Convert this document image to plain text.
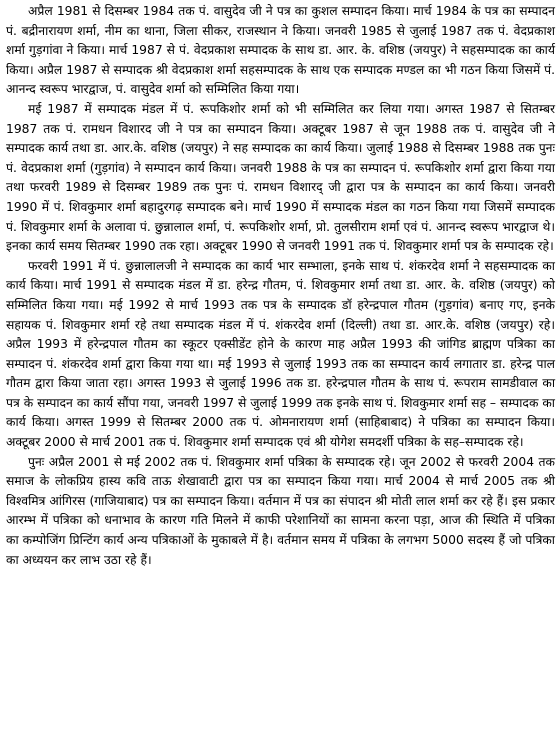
अप्रैल 1981 से दिसम्बर 1984 तक पं. वासुदेव जी ने पत्र का कुशल सम्पादन किया। मार्च 1984 के पत्र का सम्पादन पं. बद्रीनारायण शर्मा, नीम का थाना, जिला सीकर, राजस्थान ने किया। जनवरी 1985 से जुलाई 1987 तक पं. वेदप्रकाश शर्मा गुड़गांवा ने किया। मार्च 1987 से पं. वेदप्रकाश सम्पादक के साथ डा. आर. के. वशिष्ठ (जयपुर) ने सहसम्पादक का कार्य किया। अप्रैल 1987 से सम्पादक श्री वेदप्रकाश शर्मा सहसम्पादक के साथ एक सम्पादक मण्डल का भी गठन किया जिसमें पं. आनन्द स्वरूप भारद्वाज, पं. वासुदेव शर्मा को सम्मिलित किया गया।

मई 1987 में सम्पादक मंडल में पं. रूपकिशोर शर्मा को भी सम्मिलित कर लिया गया। अगस्त 1987 से सितम्बर 1987 तक पं. रामधन विशारद जी ने पत्र का सम्पादन किया। अक्टूबर 1987 से जून 1988 तक पं. वासुदेव जी ने सम्पादक कार्य तथा डा. आर.के. वशिष्ठ (जयपुर) ने सह सम्पादक का कार्य किया। जुलाई 1988 से दिसम्बर 1988 तक पुनः पं. वेदप्रकाश शर्मा (गुड़गांव) ने सम्पादन कार्य किया। जनवरी 1988 के पत्र का सम्पादन पं. रूपकिशोर शर्मा द्वारा किया गया तथा फरवरी 1989 से दिसम्बर 1989 तक पुनः पं. रामधन विशारद् जी द्वारा पत्र के सम्पादन का कार्य किया। जनवरी 1990 में पं. शिवकुमार शर्मा बहादुरगढ़ सम्पादक बने। मार्च 1990 में सम्पादक मंडल का गठन किया गया जिसमें सम्पादक पं. शिवकुमार शर्मा के अलावा पं. छुन्नालाल शर्मा, पं. रूपकिशोर शर्मा, प्रो. तुलसीराम शर्मा एवं पं. आनन्द स्वरूप भारद्वाज थे। इनका कार्य समय सितम्बर 1990 तक रहा। अक्टूबर 1990 से जनवरी 1991 तक पं. शिवकुमार शर्मा पत्र के सम्पादक रहे।

फरवरी 1991 में पं. छुन्नालालजी ने सम्पादक का कार्य भार सम्भाला, इनके साथ पं. शंकरदेव शर्मा ने सहसम्पादक का कार्य किया। मार्च 1991 से सम्पादक मंडल में डा. हरेन्द्र गौतम, पं. शिवकुमार शर्मा तथा डा. आर. के. वशिष्ठ (जयपुर) को सम्मिलित किया गया। मई 1992 से मार्च 1993 तक पत्र के सम्पादक डॉ हरेन्द्रपाल गौतम (गुड़गांव) बनाए गए, इनके सहायक पं. शिवकुमार शर्मा रहे तथा सम्पादक मंडल में पं. शंकरदेव शर्मा (दिल्ली) तथा डा. आर.के. वशिष्ठ (जयपुर) रहे। अप्रैल 1993 में हरेन्द्रपाल गौतम का स्कूटर एक्सीडेंट होने के कारण माह अप्रैल 1993 की जांगिड ब्राह्मण पत्रिका का सम्पादन पं. शंकरदेव शर्मा द्वारा किया गया था। मई 1993 से जुलाई 1993 तक का सम्पादन कार्य लगातार डा. हरेन्द्र पाल गौतम द्वारा किया जाता रहा। अगस्त 1993 से जुलाई 1996 तक डा. हरेन्द्रपाल गौतम के साथ पं. रूपराम सामडीवाल का पत्र के सम्पादन का कार्य सौंपा गया, जनवरी 1997 से जुलाई 1999 तक इनके साथ पं. शिवकुमार शर्मा सह – सम्पादक का कार्य किया। अगस्त 1999 से सितम्बर 2000 तक पं. ओमनारायण शर्मा (साहिबाबाद) ने पत्रिका का सम्पादन किया। अक्टूबर 2000 से मार्च 2001 तक पं. शिवकुमार शर्मा सम्पादक एवं श्री योगेश समदर्शी पत्रिका के सह–सम्पादक रहे।

पुनः अप्रैल 2001 से मई 2002 तक पं. शिवकुमार शर्मा पत्रिका के सम्पादक रहे। जून 2002 से फरवरी 2004 तक समाज के लोकप्रिय हास्य कवि ताऊ शेखावाटी द्वारा पत्र का सम्पादन किया गया। मार्च 2004 से मार्च 2005 तक श्री विश्वमित्र आंगिरस (गाजियाबाद) पत्र का सम्पादन किया। वर्तमान में पत्र का संपादन श्री मोती लाल शर्मा कर रहे हैं। इस प्रकार आरम्भ में पत्रिका को धनाभाव के कारण गति मिलने में काफी परेशानियों का सामना करना पड़ा, आज की स्थिति में पत्रिका का कम्पोजिंग प्रिन्टिंग कार्य अन्य पत्रिकाओं के मुकाबले में है। वर्तमान समय में पत्रिका के लगभग 5000 सदस्य हैं जो पत्रिका का अध्ययन कर लाभ उठा रहे हैं।
